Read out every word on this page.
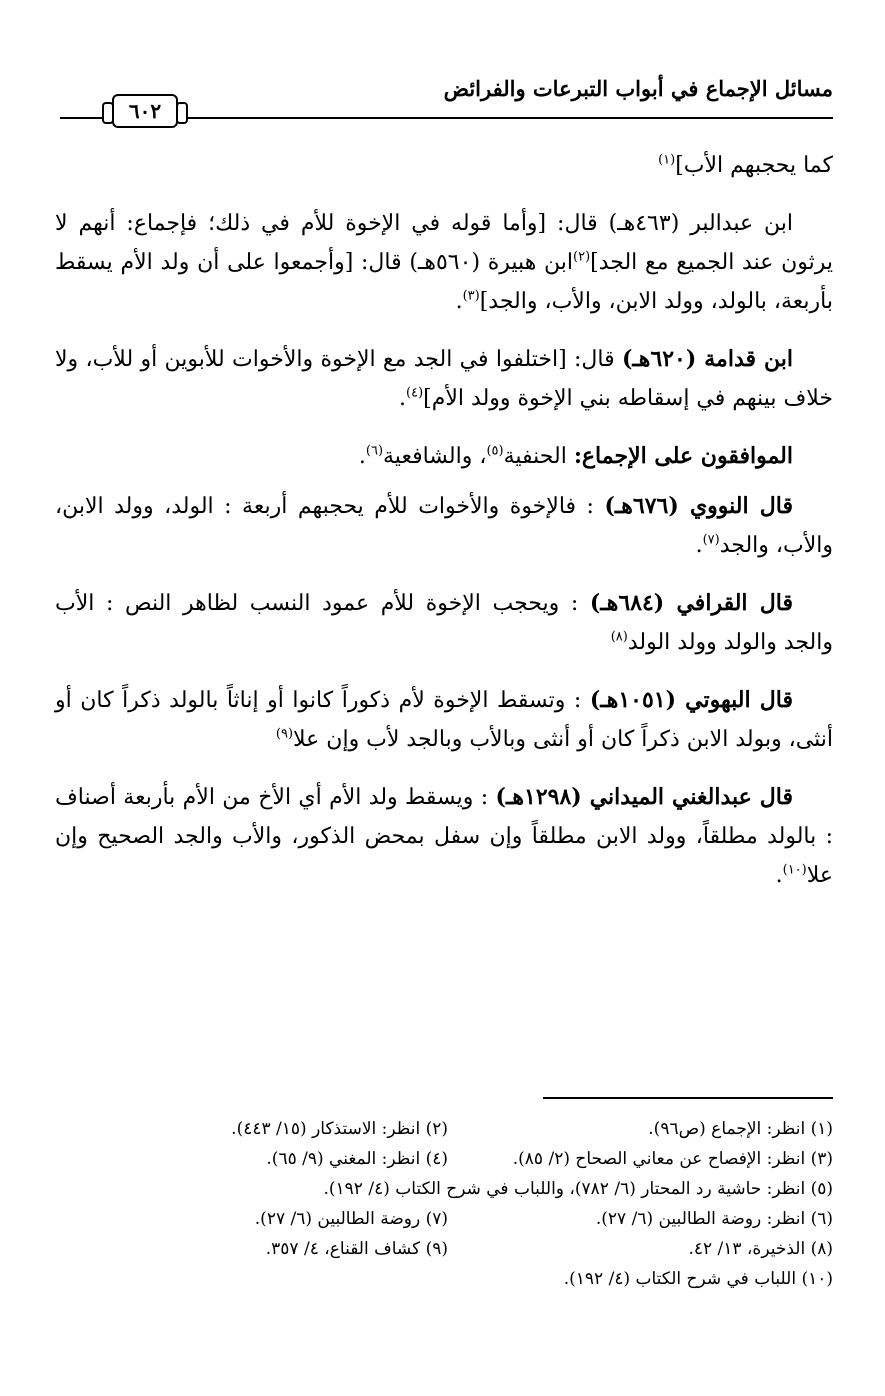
مسائل الإجماع في أبواب التبرعات والفرائض
٦٠٢

كما يحجبهم الأب]$^{(١)}$

ابن عبدالبر (٤٦٣هـ) قال: [وأما قوله في الإخوة للأم في ذلك؛ فإجماع: أنهم لا يرثون عند الجميع مع الجد]$^{(٢)}$ابن هبيرة (٥٦٠هـ) قال: [وأجمعوا على أن ولد الأم يسقط بأربعة، بالولد، وولد الابن، والأب، والجد]$^{(٣)}$.

ابن قدامة (٦٢٠هـ) قال: [اختلفوا في الجد مع الإخوة والأخوات للأبوين أو للأب، ولا خلاف بينهم في إسقاطه بني الإخوة وولد الأم]$^{(٤)}$.

الموافقون على الإجماع: الحنفية$^{(٥)}$، والشافعية$^{(٦)}$.

قال النووي (٦٧٦هـ) : فالإخوة والأخوات للأم يحجبهم أربعة : الولد، وولد الابن، والأب، والجد$^{(٧)}$.

قال القرافي (٦٨٤هـ) : ويحجب الإخوة للأم عمود النسب لظاهر النص : الأب والجد والولد وولد الولد$^{(٨)}$

قال البهوتي (١٠٥١هـ) : وتسقط الإخوة لأم ذكوراً كانوا أو إناثاً بالولد ذكراً كان أو أنثى، وبولد الابن ذكراً كان أو أنثى وبالأب وبالجد لأب وإن علا$^{(٩)}$

قال عبدالغني الميداني (١٢٩٨هـ) : ويسقط ولد الأم أي الأخ من الأم بأربعة أصناف : بالولد مطلقاً، وولد الابن مطلقاً وإن سفل بمحض الذكور، والأب والجد الصحيح وإن علا$^{(١٠)}$.

(١) انظر: الإجماع (ص٩٦).
(٢) انظر: الاستذكار (١٥/ ٤٤٣).
(٣) انظر: الإفصاح عن معاني الصحاح (٢/ ٨٥).
(٤) انظر: المغني (٩/ ٦٥).
(٥) انظر: حاشية رد المحتار (٦/ ٧٨٢)، واللباب في شرح الكتاب (٤/ ١٩٢).
(٦) انظر: روضة الطالبين (٦/ ٢٧).
(٧) روضة الطالبين (٦/ ٢٧).
(٨) الذخيرة، ١٣/ ٤٢.
(٩) كشاف القناع، ٤/ ٣٥٧.
(١٠) اللباب في شرح الكتاب (٤/ ١٩٢).
